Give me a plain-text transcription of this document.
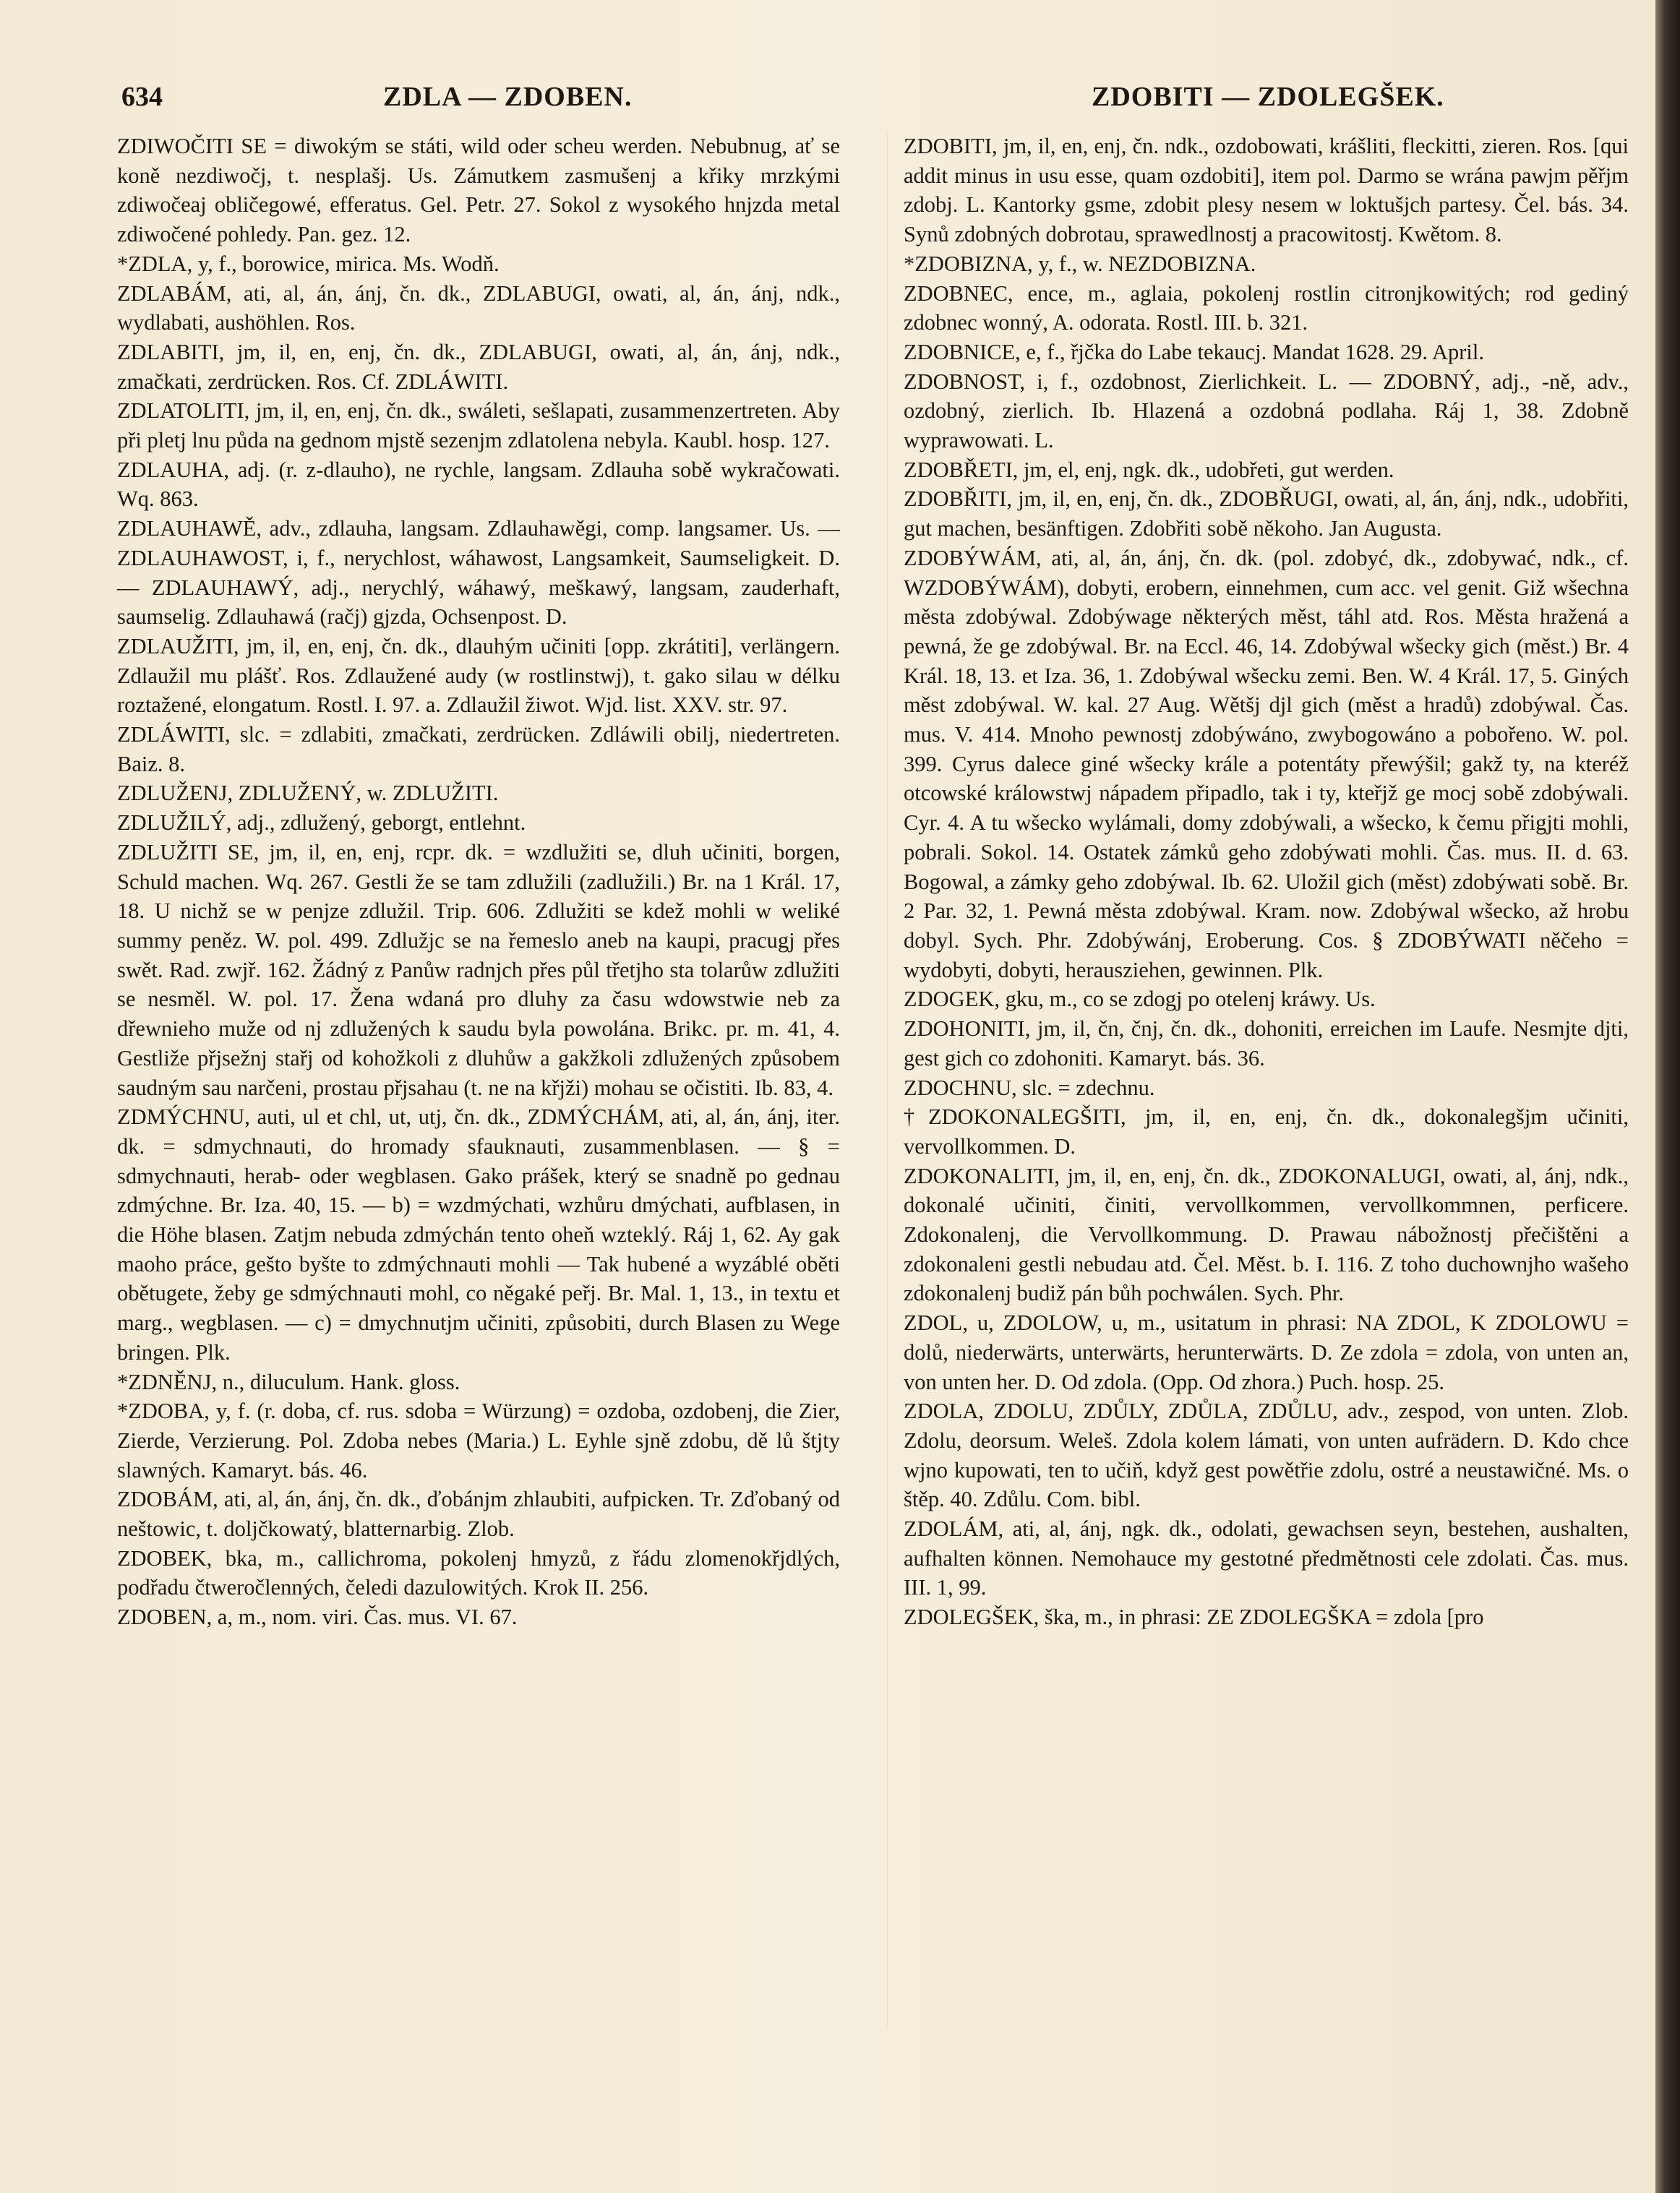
634	ZDLA — ZDOBEN.	ZDOBITI — ZDOLEGŠEK.

ZDIWOČITI SE = diwokým se státi, wild oder scheu werden. Nebubnug, ať se koně nezdiwočj, t. nesplašj. Us. Zámutkem zasmušenj a křiky mrzkými zdiwočeaj obličegowé, efferatus. Gel. Petr. 27. Sokol z wysokého hnjzda metal zdiwočené pohledy. Pan. gez. 12.

*ZDLA, y, f., borowice, mirica. Ms. Wodň.

ZDLABÁM, ati, al, án, ánj, čn. dk., ZDLABUGI, owati, al, án, ánj, ndk., wydlabati, aushöhlen. Ros.

ZDLABITI, jm, il, en, enj, čn. dk., ZDLABUGI, owati, al, án, ánj, ndk., zmačkati, zerdrücken. Ros. Cf. ZDLÁWITI.

ZDLATOLITI, jm, il, en, enj, čn. dk., swáleti, sešlapati, zusammenzertreten. Aby při pletj lnu půda na gednom mjstě sezenjm zdlatolena nebyla. Kaubl. hosp. 127.

ZDLAUHA, adj. (r. z-dlauho), ne rychle, langsam. Zdlauha sobě wykračowati. Wq. 863.

ZDLAUHAWĚ, adv., zdlauha, langsam. Zdlauhawěgi, comp. langsamer. Us. — ZDLAUHAWOST, i, f., nerychlost, wáhawost, Langsamkeit, Saumseligkeit. D. — ZDLAUHAWÝ, adj., nerychlý, wáhawý, meškawý, langsam, zauderhaft, saumselig. Zdlauhawá (račj) gjzda, Ochsenpost. D.

ZDLAUŽITI, jm, il, en, enj, čn. dk., dlauhým učiniti [opp. zkrátiti], verlängern. Zdlaužil mu plášť. Ros. Zdlaužené audy (w rostlinstwj), t. gako silau w délku roztažené, elongatum. Rostl. I. 97. a. Zdlaužil žiwot. Wjd. list. XXV. str. 97.

ZDLÁWITI, slc. = zdlabiti, zmačkati, zerdrücken. Zdláwili obilj, niedertreten. Baiz. 8.

ZDLUŽENJ, ZDLUŽENÝ, w. ZDLUŽITI.

ZDLUŽILÝ, adj., zdlužený, geborgt, entlehnt.

ZDLUŽITI SE, jm, il, en, enj, rcpr. dk. = wzdlužiti se, dluh učiniti, borgen, Schuld machen. Wq. 267. Gestli že se tam zdlužili (zadlužili.) Br. na 1 Král. 17, 18. U nichž se w penjze zdlužil. Trip. 606. Zdlužiti se kdež mohli w weliké summy peněz. W. pol. 499. Zdlužjc se na řemeslo aneb na kaupi, pracugj přes swět. Rad. zwjř. 162. Žádný z Panůw radnjch přes půl třetjho sta tolarůw zdlužiti se nesměl. W. pol. 17. Žena wdaná pro dluhy za času wdowstwie neb za dřewnieho muže od nj zdlužených k saudu byla powolána. Brikc. pr. m. 41, 4. Gestliže přjsežnj stařj od kohožkoli z dluhůw a gakžkoli zdlužených způsobem saudným sau narčeni, prostau přjsahau (t. ne na křjži) mohau se očistiti. Ib. 83, 4.

ZDMÝCHNU, auti, ul et chl, ut, utj, čn. dk., ZDMÝCHÁM, ati, al, án, ánj, iter. dk. = sdmychnauti, do hromady sfauknauti, zusammenblasen. — § = sdmychnauti, herab- oder wegblasen. Gako prášek, který se snadně po gednau zdmýchne. Br. Iza. 40, 15. — b) = wzdmýchati, wzhůru dmýchati, aufblasen, in die Höhe blasen. Zatjm nebuda zdmýchán tento oheň wzteklý. Ráj 1, 62. Ay gak maoho práce, gešto byšte to zdmýchnauti mohli — Tak hubené a wyzáblé oběti obětugete, žeby ge sdmýchnauti mohl, co něgaké peřj. Br. Mal. 1, 13., in textu et marg., wegblasen. — c) = dmychnutjm učiniti, způsobiti, durch Blasen zu Wege bringen. Plk.

*ZDNĚNJ, n., diluculum. Hank. gloss.

*ZDOBA, y, f. (r. doba, cf. rus. sdoba = Würzung) = ozdoba, ozdobenj, die Zier, Zierde, Verzierung. Pol. Zdoba nebes (Maria.) L. Eyhle sjně zdobu, dě lů štjty slawných. Kamaryt. bás. 46.

ZDOBÁM, ati, al, án, ánj, čn. dk., ďobánjm zhlaubiti, aufpicken. Tr. Zďobaný od neštowic, t. doljčkowatý, blatternarbig. Zlob.

ZDOBEK, bka, m., callichroma, pokolenj hmyzů, z řádu zlomenokřjdlých, podřadu čtweročlenných, čeledi dazulowitých. Krok II. 256.

ZDOBEN, a, m., nom. viri. Čas. mus. VI. 67.

ZDOBITI, jm, il, en, enj, čn. ndk., ozdobowati, krášliti, fleckitti, zieren. Ros. [qui addit minus in usu esse, quam ozdobiti], item pol. Darmo se wrána pawjm pěřjm zdobj. L. Kantorky gsme, zdobit plesy nesem w loktušjch partesy. Čel. bás. 34. Synů zdobných dobrotau, sprawedlnostj a pracowitostj. Kwětom. 8.

*ZDOBIZNA, y, f., w. NEZDOBIZNA.

ZDOBNEC, ence, m., aglaia, pokolenj rostlin citronjkowitých; rod gediný zdobnec wonný, A. odorata. Rostl. III. b. 321.

ZDOBNICE, e, f., řjčka do Labe tekaucj. Mandat 1628. 29. April.

ZDOBNOST, i, f., ozdobnost, Zierlichkeit. L. — ZDOBNÝ, adj., -ně, adv., ozdobný, zierlich. Ib. Hlazená a ozdobná podlaha. Ráj 1, 38. Zdobně wyprawowati. L.

ZDOBŘETI, jm, el, enj, ngk. dk., udobřeti, gut werden.

ZDOBŘITI, jm, il, en, enj, čn. dk., ZDOBŘUGI, owati, al, án, ánj, ndk., udobřiti, gut machen, besänftigen. Zdobřiti sobě někoho. Jan Augusta.

ZDOBÝWÁM, ati, al, án, ánj, čn. dk. (pol. zdobyć, dk., zdobywać, ndk., cf. WZDOBÝWÁM), dobyti, erobern, einnehmen, cum acc. vel genit. Giž wšechna města zdobýwal. Zdobýwage některých měst, táhl atd. Ros. Města hražená a pewná, že ge zdobýwal. Br. na Eccl. 46, 14. Zdobýwal wšecky gich (měst.) Br. 4 Král. 18, 13. et Iza. 36, 1. Zdobýwal wšecku zemi. Ben. W. 4 Král. 17, 5. Giných měst zdobýwal. W. kal. 27 Aug. Wětšj djl gich (měst a hradů) zdobýwal. Čas. mus. V. 414. Mnoho pewnostj zdobýwáno, zwybogowáno a pobořeno. W. pol. 399. Cyrus dalece giné wšecky krále a potentáty přewýšil; gakž ty, na kteréž otcowské králowstwj nápadem připadlo, tak i ty, kteřjž ge mocj sobě zdobýwali. Cyr. 4. A tu wšecko wylámali, domy zdobýwali, a wšecko, k čemu přigjti mohli, pobrali. Sokol. 14. Ostatek zámků geho zdobýwati mohli. Čas. mus. II. d. 63. Bogowal, a zámky geho zdobýwal. Ib. 62. Uložil gich (měst) zdobýwati sobě. Br. 2 Par. 32, 1. Pewná města zdobýwal. Kram. now. Zdobýwal wšecko, až hrobu dobyl. Sych. Phr. Zdobýwánj, Eroberung. Cos. § ZDOBÝWATI něčeho = wydobyti, dobyti, herausziehen, gewinnen. Plk.

ZDOGEK, gku, m., co se zdogj po otelenj kráwy. Us.

ZDOHONITI, jm, il, čn, čnj, čn. dk., dohoniti, erreichen im Laufe. Nesmjte djti, gest gich co zdohoniti. Kamaryt. bás. 36.

ZDOCHNU, slc. = zdechnu.

†ZDOKONALEGŠITI, jm, il, en, enj, čn. dk., dokonalegšjm učiniti, vervollkommen. D.

ZDOKONALITI, jm, il, en, enj, čn. dk., ZDOKONALUGI, owati, al, ánj, ndk., dokonalé učiniti, činiti, vervollkommen, vervollkommnen, perficere. Zdokonalenj, die Vervollkommung. D. Prawau nábožnostj přečištěni a zdokonaleni gestli nebudau atd. Čel. Měst. b. I. 116. Z toho duchownjho wašeho zdokonalenj budiž pán bůh pochwálen. Sych. Phr.

ZDOL, u, ZDOLOW, u, m., usitatum in phrasi: NA ZDOL, K ZDOLOWU = dolů, niederwärts, unterwärts, herunterwärts. D. Ze zdola = zdola, von unten an, von unten her. D. Od zdola. (Opp. Od zhora.) Puch. hosp. 25.

ZDOLA, ZDOLU, ZDŮLY, ZDŮLA, ZDŮLU, adv., zespod, von unten. Zlob. Zdolu, deorsum. Weleš. Zdola kolem lámati, von unten aufrädern. D. Kdo chce wjno kupowati, ten to učiň, když gest powětřie zdolu, ostré a neustawičné. Ms. o štěp. 40. Zdůlu. Com. bibl.

ZDOLÁM, ati, al, ánj, ngk. dk., odolati, gewachsen seyn, bestehen, aushalten, aufhalten können. Nemohauce my gestotné předmětnosti cele zdolati. Čas. mus. III. 1, 99.

ZDOLEGŠEK, ška, m., in phrasi: ZE ZDOLEGŠKA = zdola [pro
